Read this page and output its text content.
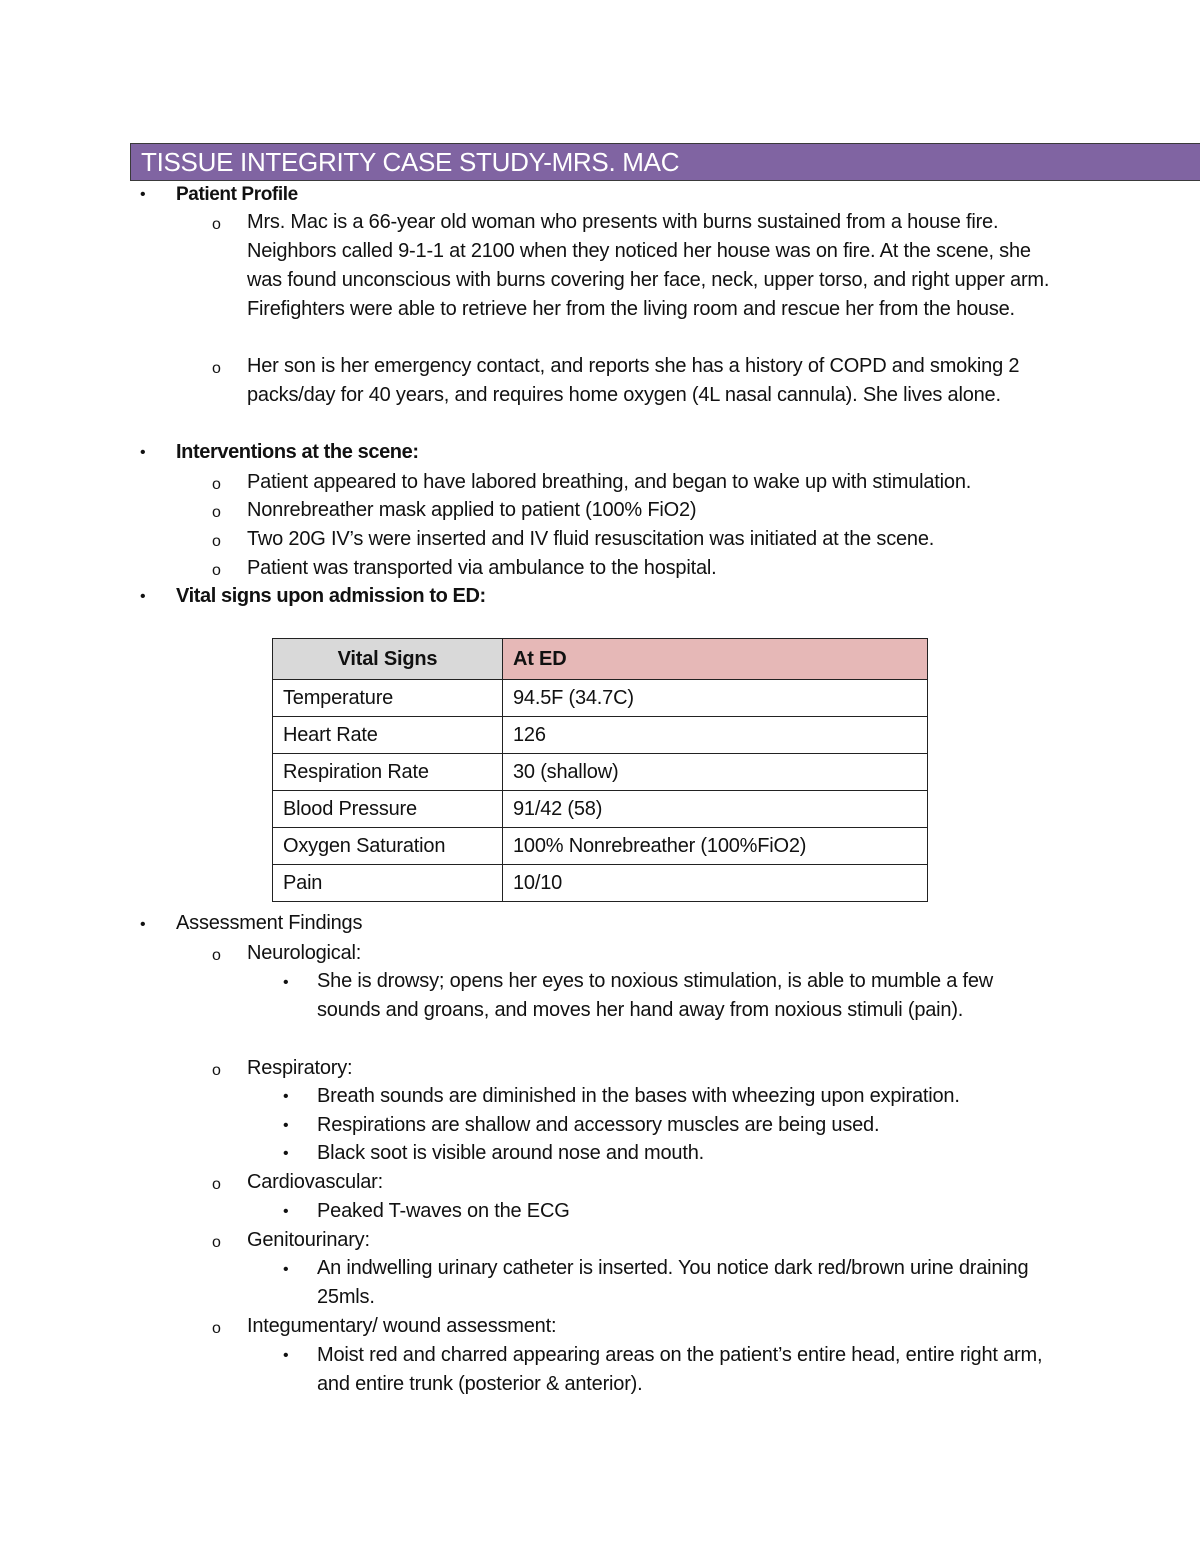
TISSUE INTEGRITY CASE STUDY-MRS. MAC
• Patient Profile
o Mrs. Mac is a 66-year old woman who presents with burns sustained from a house fire. Neighbors called 9-1-1 at 2100 when they noticed her house was on fire. At the scene, she was found unconscious with burns covering her face, neck, upper torso, and right upper arm. Firefighters were able to retrieve her from the living room and rescue her from the house.
o Her son is her emergency contact, and reports she has a history of COPD and smoking 2 packs/day for 40 years, and requires home oxygen (4L nasal cannula). She lives alone.
• Interventions at the scene:
o Patient appeared to have labored breathing, and began to wake up with stimulation.
o Nonrebreather mask applied to patient (100% FiO2)
o Two 20G IV’s were inserted and IV fluid resuscitation was initiated at the scene.
o Patient was transported via ambulance to the hospital.
• Vital signs upon admission to ED:
Vital Signs	At ED
Temperature	94.5F (34.7C)
Heart Rate	126
Respiration Rate	30 (shallow)
Blood Pressure	91/42 (58)
Oxygen Saturation	100% Nonrebreather (100%FiO2)
Pain	10/10
• Assessment Findings
o Neurological:
• She is drowsy; opens her eyes to noxious stimulation, is able to mumble a few sounds and groans, and moves her hand away from noxious stimuli (pain).
o Respiratory:
• Breath sounds are diminished in the bases with wheezing upon expiration.
• Respirations are shallow and accessory muscles are being used.
• Black soot is visible around nose and mouth.
o Cardiovascular:
• Peaked T-waves on the ECG
o Genitourinary:
• An indwelling urinary catheter is inserted. You notice dark red/brown urine draining 25mls.
o Integumentary/ wound assessment:
• Moist red and charred appearing areas on the patient’s entire head, entire right arm, and entire trunk (posterior & anterior).
